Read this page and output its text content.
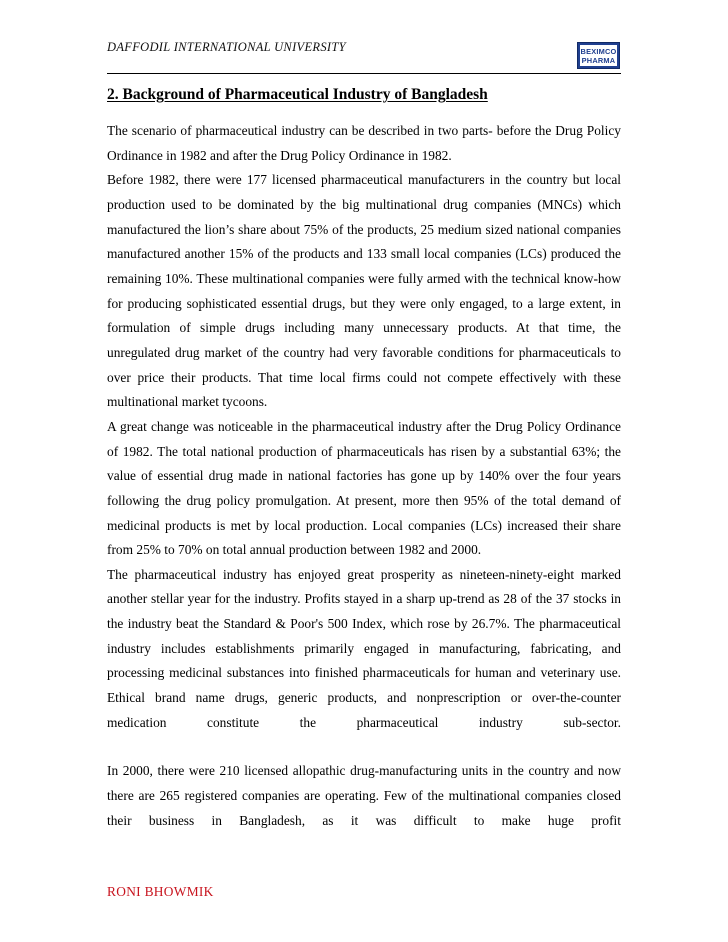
DAFFODIL INTERNATIONAL UNIVERSITY	BEXIMCO
PHARMA
2. Background of Pharmaceutical Industry of Bangladesh

The scenario of pharmaceutical industry can be described in two parts- before the Drug Policy Ordinance in 1982 and after the Drug Policy Ordinance in 1982.

Before 1982, there were 177 licensed pharmaceutical manufacturers in the country but local production used to be dominated by the big multinational drug companies (MNCs) which manufactured the lion’s share about 75% of the products, 25 medium sized national companies manufactured another 15% of the products and 133 small local companies (LCs) produced the remaining 10%. These multinational companies were fully armed with the technical know-how for producing sophisticated essential drugs, but they were only engaged, to a large extent, in formulation of simple drugs including many unnecessary products. At that time, the unregulated drug market of the country had very favorable conditions for pharmaceuticals to over price their products. That time local firms could not compete effectively with these multinational market tycoons.

A great change was noticeable in the pharmaceutical industry after the Drug Policy Ordinance of 1982. The total national production of pharmaceuticals has risen by a substantial 63%; the value of essential drug made in national factories has gone up by 140% over the four years following the drug policy promulgation. At present, more then 95% of the total demand of medicinal products is met by local production. Local companies (LCs) increased their share from 25% to 70% on total annual production between 1982 and 2000.

The pharmaceutical industry has enjoyed great prosperity as nineteen-ninety-eight marked another stellar year for the industry. Profits stayed in a sharp up-trend as 28 of the 37 stocks in the industry beat the Standard & Poor's 500 Index, which rose by 26.7%. The pharmaceutical industry includes establishments primarily engaged in manufacturing, fabricating, and processing medicinal substances into finished pharmaceuticals for human and veterinary use. Ethical brand name drugs, generic products, and nonprescription or over-the-counter medication constitute the pharmaceutical industry sub-sector.

In 2000, there were 210 licensed allopathic drug-manufacturing units in the country and now there are 265 registered companies are operating. Few of the multinational companies closed their business in Bangladesh, as it was difficult to make huge profit

RONI BHOWMIK
